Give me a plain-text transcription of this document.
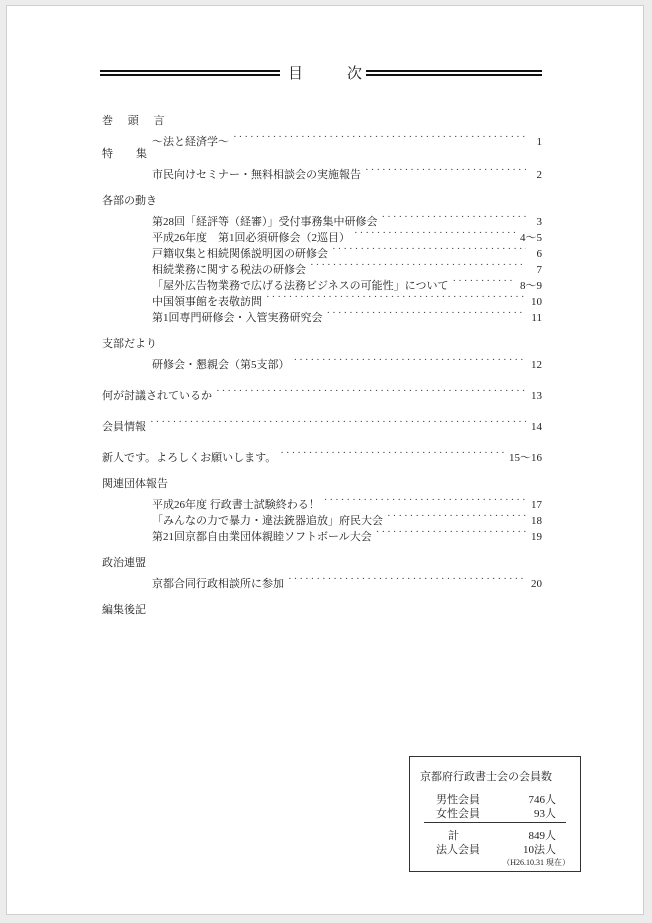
目	次
巻 頭 言
～法と経済学～ ·····	1
特　集
市民向けセミナー・無料相談会の実施報告 ·····	2
各部の動き
第28回「経評等（経審）」受付事務集中研修会 ·····	3
平成26年度　第1回必須研修会（2巡目） ·····	4～5
戸籍収集と相続関係説明図の研修会 ·····	6
相続業務に関する税法の研修会 ·····	7
「屋外広告物業務で広げる法務ビジネスの可能性」について ·····	8～9
中国領事館を表敬訪問 ·····	10
第1回専門研修会・入管実務研究会 ·····	11
支部だより
研修会・懇親会（第5支部） ·····	12
何が討議されているか ·····	13
会員情報 ·····	14
新人です。よろしくお願いします。 ·····	15～16
関連団体報告
平成26年度 行政書士試験終わる！ ·····	17
「みんなの力で暴力・違法銃器追放」府民大会 ·····	18
第21回京都自由業団体親睦ソフトボール大会 ·····	19
政治連盟
京都合同行政相談所に参加 ·····	20
編集後記
京都府行政書士会の会員数
男性会員	746人
女性会員	93人
計	849人
法人会員	10法人
（H26.10.31 現在）
